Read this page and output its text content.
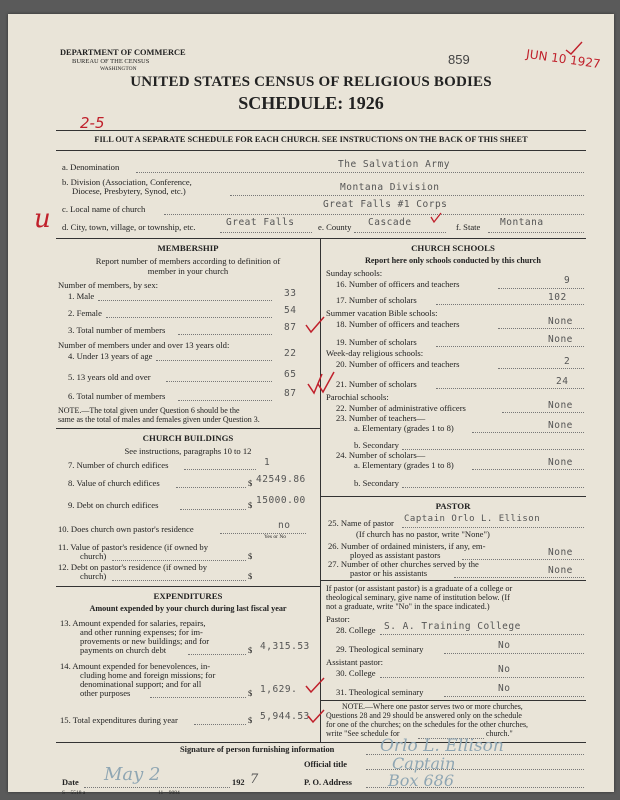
DEPARTMENT OF COMMERCE
BUREAU OF THE CENSUS
WASHINGTON
859	JUN 10 1927
UNITED STATES CENSUS OF RELIGIOUS BODIES
SCHEDULE: 1926
2-5
FILL OUT A SEPARATE SCHEDULE FOR EACH CHURCH. SEE INSTRUCTIONS ON THE BACK OF THIS SHEET
a. Denomination	The Salvation Army
b. Division (Association, Conference,
Diocese, Presbytery, Synod, etc.)	Montana Division
c. Local name of church	Great Falls #1 Corps
u d. City, town, village, or township, etc.	Great Falls	e. County Cascade	f. State Montana
MEMBERSHIP
Report number of members according to definition of
member in your church
Number of members, by sex:
1. Male	33
2. Female	54
3. Total number of members	87
Number of members under and over 13 years old:
4. Under 13 years of age	22
5. 13 years old and over	65
6. Total number of members	87
NOTE.—The total given under Question 6 should be the
same as the total of males and females given under Question 3.
CHURCH BUILDINGS
See instructions, paragraphs 10 to 12
7. Number of church edifices	1
8. Value of church edifices	$ 42549.86
9. Debt on church edifices	$ 15000.00
10. Does church own pastor's residence	no
Yes or No
11. Value of pastor's residence (if owned by
church)	$
12. Debt on pastor's residence (if owned by
church)	$
EXPENDITURES
Amount expended by your church during last fiscal year
13. Amount expended for salaries, repairs,
and other running expenses; for im-
provements or new buildings; and for
payments on church debt	$ 4,315.53
14. Amount expended for benevolences, in-
cluding home and foreign missions; for
denominational support; and for all
other purposes	$ 1,629.
15. Total expenditures during year	$ 5,944.53
CHURCH SCHOOLS
Report here only schools conducted by this church
Sunday schools:
16. Number of officers and teachers	9
17. Number of scholars	102
Summer vacation Bible schools:
18. Number of officers and teachers	None
19. Number of scholars	None
Week-day religious schools:
20. Number of officers and teachers	2
21. Number of scholars	24
Parochial schools:
22. Number of administrative officers	None
23. Number of teachers—
a. Elementary (grades 1 to 8)	None
b. Secondary
24. Number of scholars—
a. Elementary (grades 1 to 8)	None
b. Secondary
PASTOR
25. Name of pastor Captain Orlo L. Ellison
(If church has no pastor, write "None")
26. Number of ordained ministers, if any, em-
ployed as assistant pastors	None
27. Number of other churches served by the
pastor or his assistants	None
If pastor (or assistant pastor) is a graduate of a college or
theological seminary, give name of institution below. (If
not a graduate, write "No" in the space indicated.)
Pastor:
28. College S. A. Training College
29. Theological seminary	No
Assistant pastor:
30. College	No
31. Theological seminary	No
NOTE.—Where one pastor serves two or more churches,
Questions 28 and 29 should be answered only on the schedule
for one of the churches; on the schedules for the other churches,
write "See schedule for	church."
Signature of person furnishing information	Orlo L. Ellison
Official title	Captain
Date May 2	192 7	P. O. Address Box 686
S—5518 a	11—9084
